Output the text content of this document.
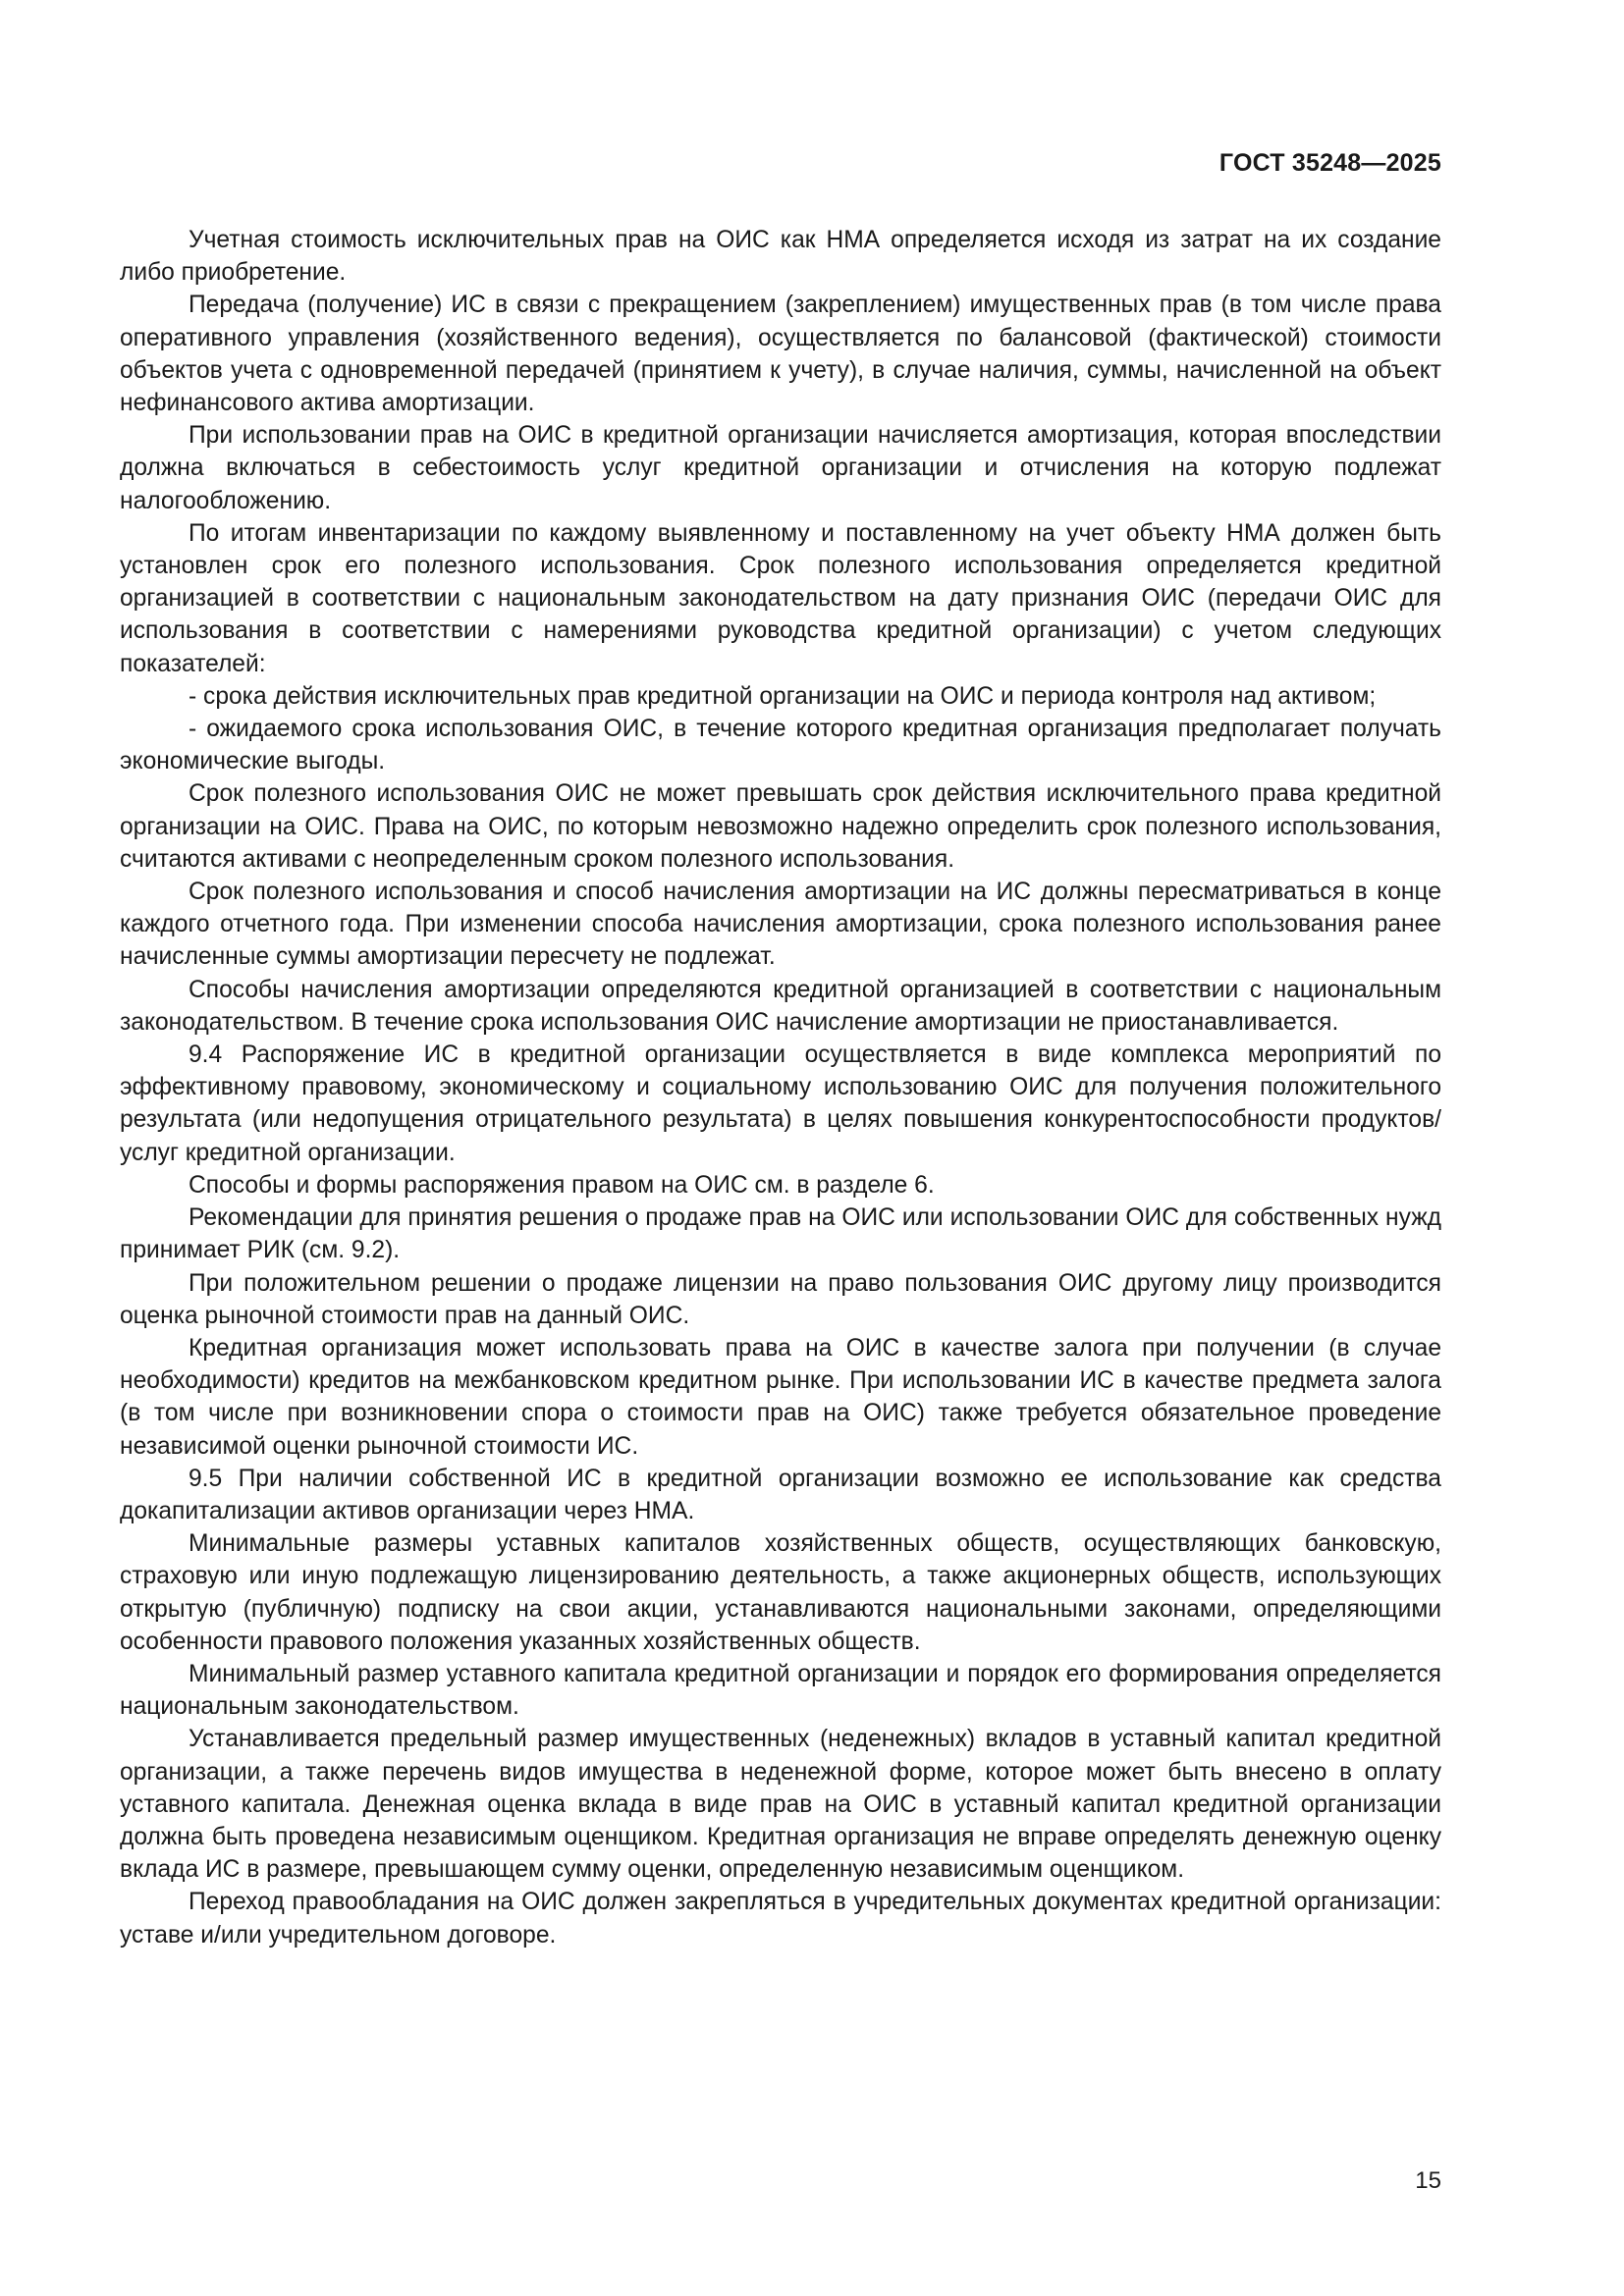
ГОСТ 35248—2025

Учетная стоимость исключительных прав на ОИС как НМА определяется исходя из затрат на их создание либо приобретение.

Передача (получение) ИС в связи с прекращением (закреплением) имущественных прав (в том числе права оперативного управления (хозяйственного ведения), осуществляется по балансовой (фактической) стоимости объектов учета с одновременной передачей (принятием к учету), в случае наличия, суммы, начисленной на объект нефинансового актива амортизации.

При использовании прав на ОИС в кредитной организации начисляется амортизация, которая впоследствии должна включаться в себестоимость услуг кредитной организации и отчисления на которую подлежат налогообложению.

По итогам инвентаризации по каждому выявленному и поставленному на учет объекту НМА должен быть установлен срок его полезного использования. Срок полезного использования определяется кредитной организацией в соответствии с национальным законодательством на дату признания ОИС (передачи ОИС для использования в соответствии с намерениями руководства кредитной организации) с учетом следующих показателей:

- срока действия исключительных прав кредитной организации на ОИС и периода контроля над активом;

- ожидаемого срока использования ОИС, в течение которого кредитная организация предполагает получать экономические выгоды.

Срок полезного использования ОИС не может превышать срок действия исключительного права кредитной организации на ОИС. Права на ОИС, по которым невозможно надежно определить срок полезного использования, считаются активами с неопределенным сроком полезного использования.

Срок полезного использования и способ начисления амортизации на ИС должны пересматриваться в конце каждого отчетного года. При изменении способа начисления амортизации, срока полезного использования ранее начисленные суммы амортизации пересчету не подлежат.

Способы начисления амортизации определяются кредитной организацией в соответствии с национальным законодательством. В течение срока использования ОИС начисление амортизации не приостанавливается.

9.4 Распоряжение ИС в кредитной организации осуществляется в виде комплекса мероприятий по эффективному правовому, экономическому и социальному использованию ОИС для получения положительного результата (или недопущения отрицательного результата) в целях повышения конкурентоспособности продуктов/услуг кредитной организации.

Способы и формы распоряжения правом на ОИС см. в разделе 6.

Рекомендации для принятия решения о продаже прав на ОИС или использовании ОИС для собственных нужд принимает РИК (см. 9.2).

При положительном решении о продаже лицензии на право пользования ОИС другому лицу производится оценка рыночной стоимости прав на данный ОИС.

Кредитная организация может использовать права на ОИС в качестве залога при получении (в случае необходимости) кредитов на межбанковском кредитном рынке. При использовании ИС в качестве предмета залога (в том числе при возникновении спора о стоимости прав на ОИС) также требуется обязательное проведение независимой оценки рыночной стоимости ИС.

9.5 При наличии собственной ИС в кредитной организации возможно ее использование как средства докапитализации активов организации через НМА.

Минимальные размеры уставных капиталов хозяйственных обществ, осуществляющих банковскую, страховую или иную подлежащую лицензированию деятельность, а также акционерных обществ, использующих открытую (публичную) подписку на свои акции, устанавливаются национальными законами, определяющими особенности правового положения указанных хозяйственных обществ.

Минимальный размер уставного капитала кредитной организации и порядок его формирования определяется национальным законодательством.

Устанавливается предельный размер имущественных (неденежных) вкладов в уставный капитал кредитной организации, а также перечень видов имущества в неденежной форме, которое может быть внесено в оплату уставного капитала. Денежная оценка вклада в виде прав на ОИС в уставный капитал кредитной организации должна быть проведена независимым оценщиком. Кредитная организация не вправе определять денежную оценку вклада ИС в размере, превышающем сумму оценки, определенную независимым оценщиком.

Переход правообладания на ОИС должен закрепляться в учредительных документах кредитной организации: уставе и/или учредительном договоре.

15
